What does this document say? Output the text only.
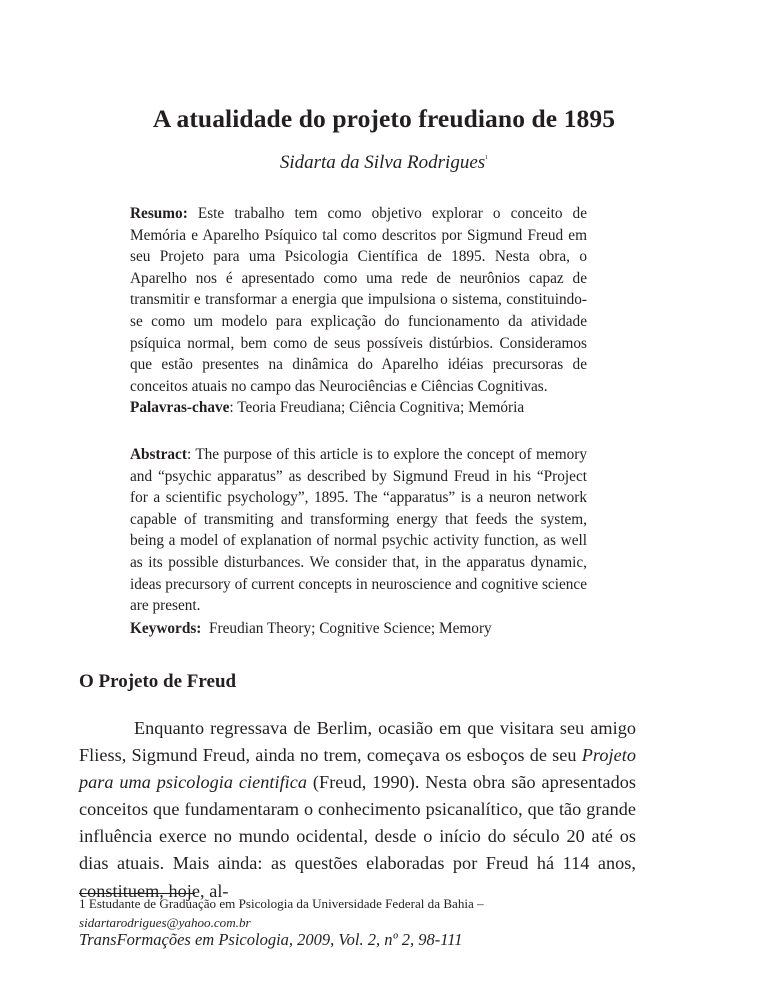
A atualidade do projeto freudiano de 1895

Sidarta da Silva Rodrigues$^1$

Resumo: Este trabalho tem como objetivo explorar o conceito de Memória e Aparelho Psíquico tal como descritos por Sigmund Freud em seu Projeto para uma Psicologia Científica de 1895. Nesta obra, o Aparelho nos é apresentado como uma rede de neurônios capaz de transmitir e transformar a energia que impulsiona o sistema, constituindo-se como um modelo para explicação do funcionamento da atividade psíquica normal, bem como de seus possíveis distúrbios. Consideramos que estão presentes na dinâmica do Aparelho idéias precursoras de conceitos atuais no campo das Neurociências e Ciências Cognitivas.

Palavras-chave: Teoria Freudiana; Ciência Cognitiva; Memória

Abstract: The purpose of this article is to explore the concept of memory and “psychic apparatus” as described by Sigmund Freud in his “Project for a scientific psychology”, 1895. The “apparatus” is a neuron network capable of transmiting and transforming energy that feeds the system, being a model of explanation of normal psychic activity function, as well as its possible disturbances. We consider that, in the apparatus dynamic, ideas precursory of current concepts in neuroscience and cognitive science are present.

Keywords:  Freudian Theory; Cognitive Science; Memory

O Projeto de Freud

Enquanto regressava de Berlim, ocasião em que visitara seu amigo Fliess, Sigmund Freud, ainda no trem, começava os esboços de seu Projeto para uma psicologia cientifica (Freud, 1990). Nesta obra são apresentados conceitos que fundamentaram o conhecimento psicanalítico, que tão grande influência exerce no mundo ocidental, desde o início do século 20 até os dias atuais. Mais ainda: as questões elaboradas por Freud há 114 anos, constituem, hoje, al-

1 Estudante de Graduação em Psicologia da Universidade Federal da Bahia – sidartarodrigues@yahoo.com.br

TransFormações em Psicologia, 2009, Vol. 2, nº 2, 98-111
